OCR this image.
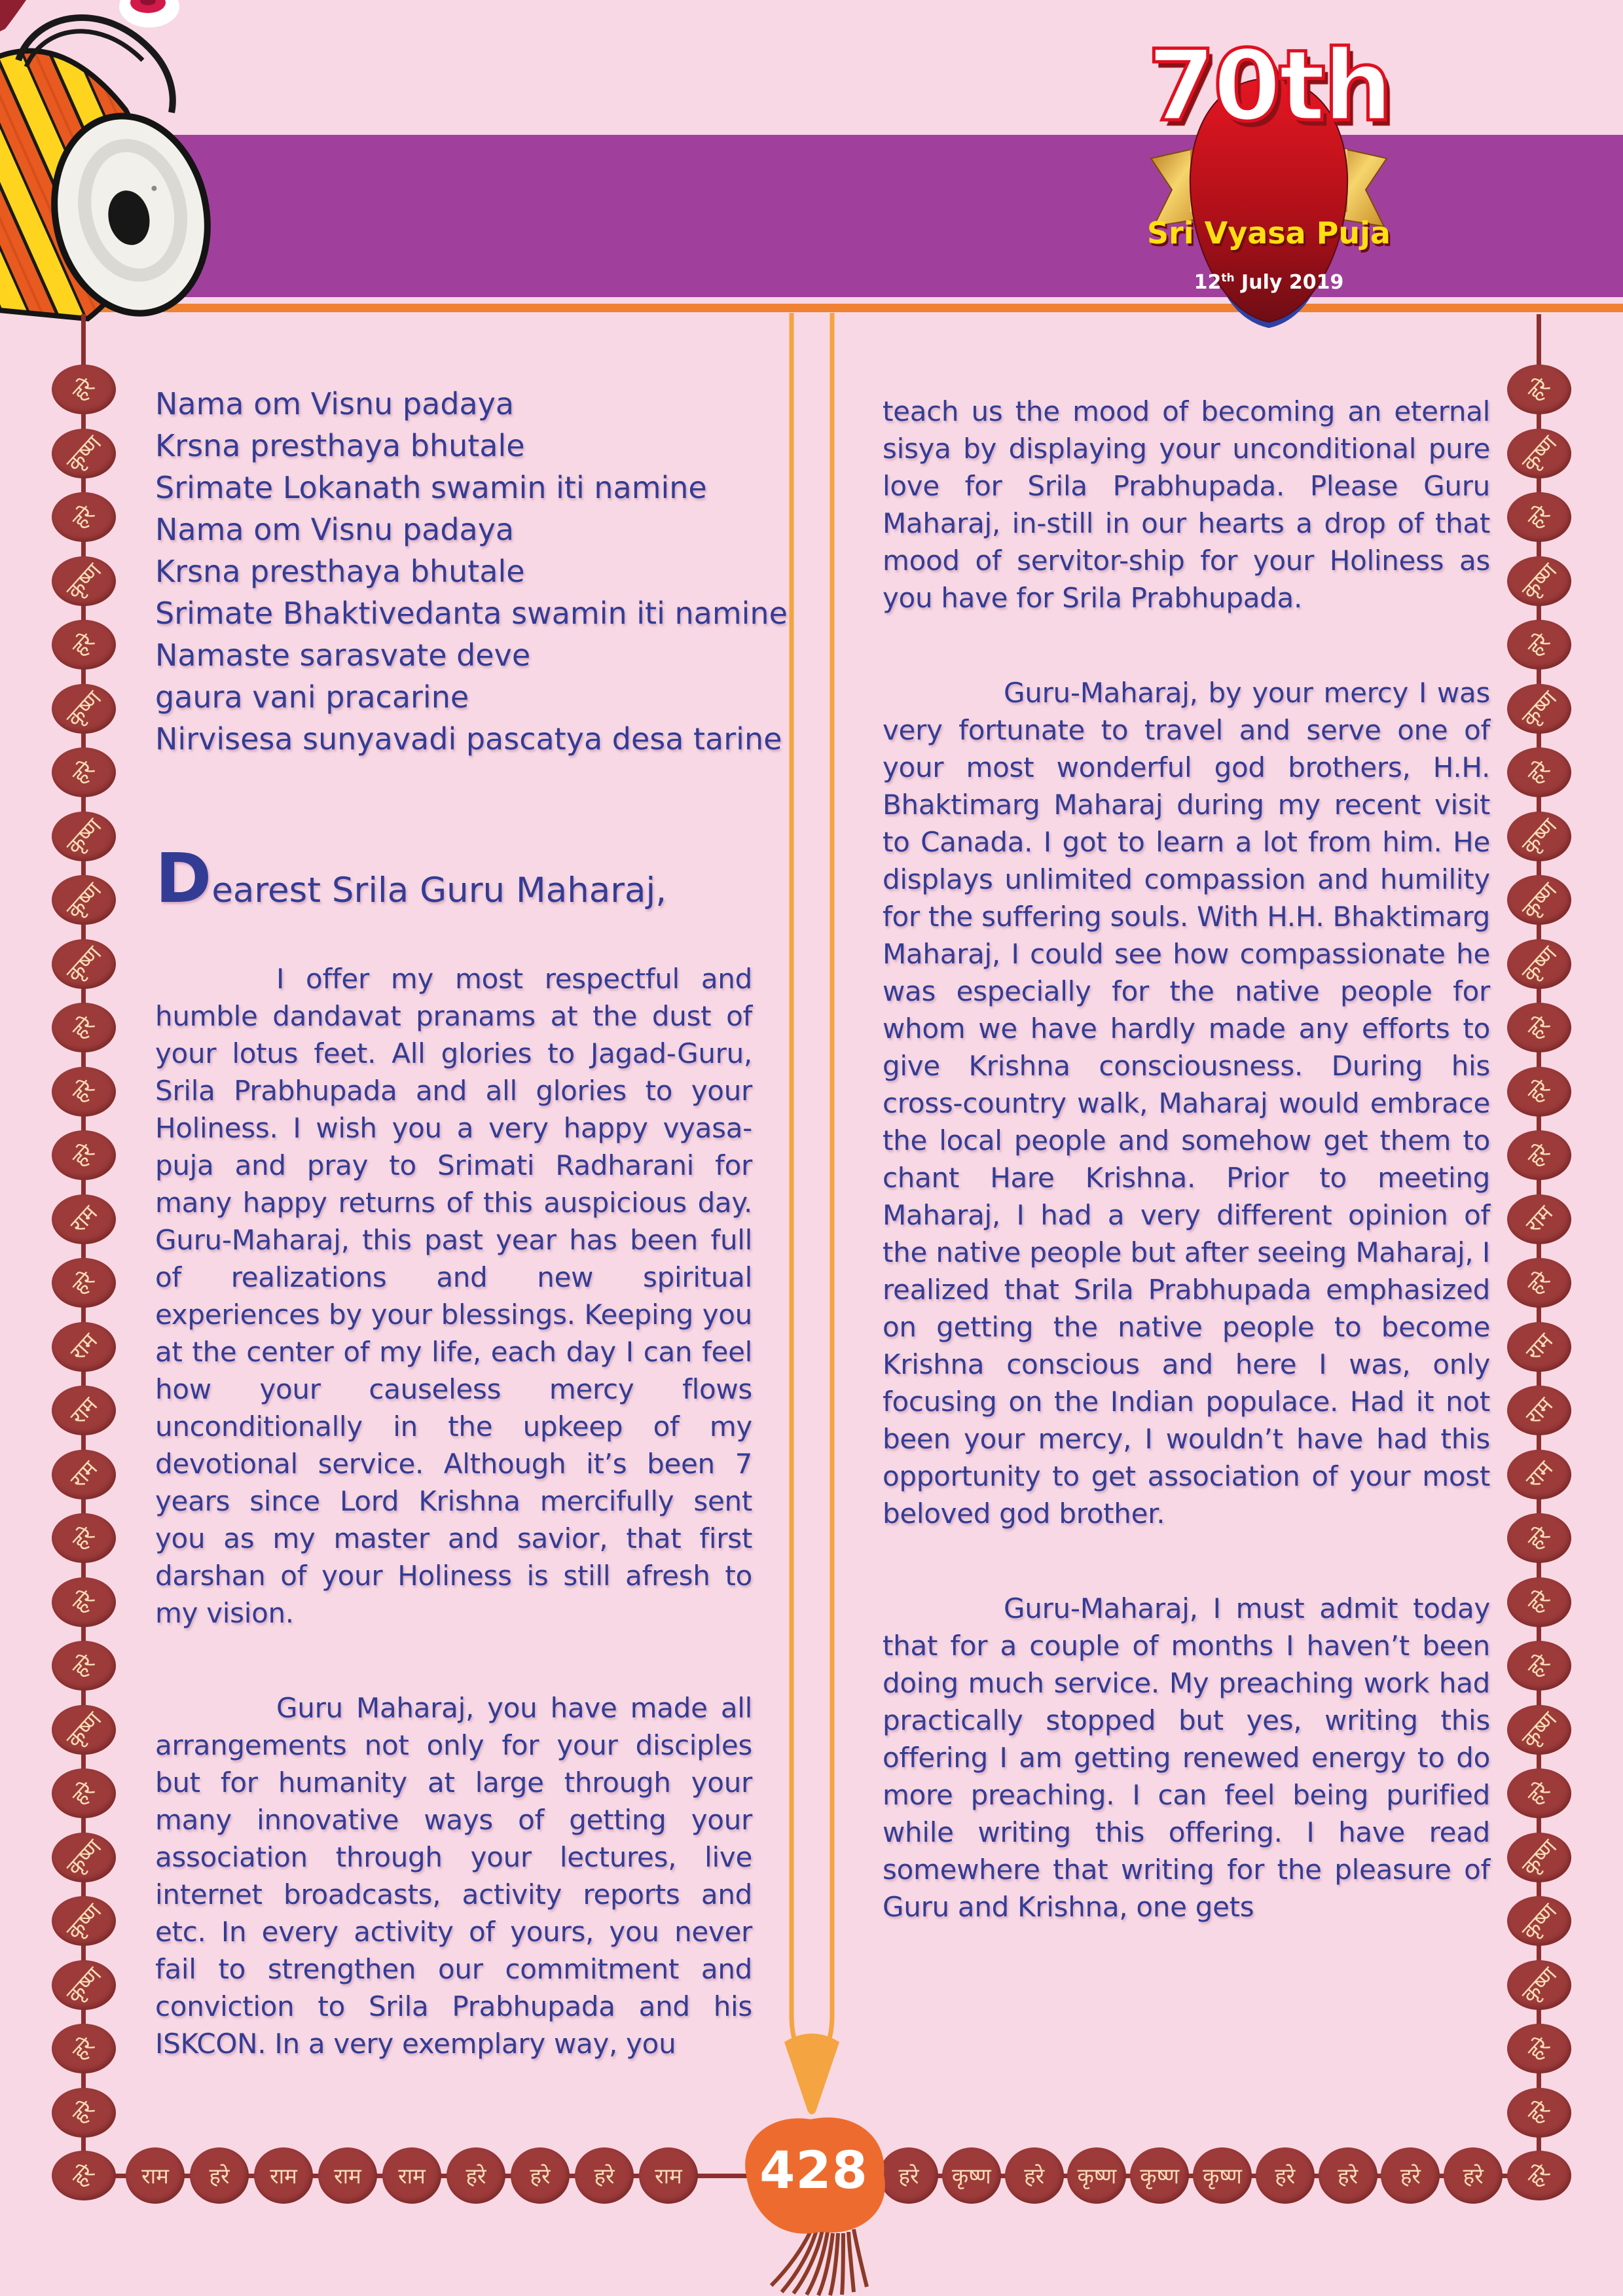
70th
Sri Vyasa Puja
12th July 2019
Nama om Visnu padaya
Krsna presthaya bhutale
Srimate Lokanath swamin iti namine
Nama om Visnu padaya
Krsna presthaya bhutale
Srimate Bhaktivedanta swamin iti namine
Namaste sarasvate deve
gaura vani pracarine
Nirvisesa sunyavadi pascatya desa tarine
Dearest Srila Guru Maharaj,

I offer my most respectful and humble dandavat pranams at the dust of your lotus feet. All glories to Jagad-Guru, Srila Prabhupada and all glories to your Holiness. I wish you a very happy vyasa-puja and pray to Srimati Radharani for many happy returns of this auspicious day. Guru-Maharaj, this past year has been full of realizations and new spiritual experiences by your blessings. Keeping you at the center of my life, each day I can feel how your causeless mercy flows unconditionally in the upkeep of my devotional service. Although it’s been 7 years since Lord Krishna mercifully sent you as my master and savior, that first darshan of your Holiness is still afresh to my vision.

Guru Maharaj, you have made all arrangements not only for your disciples but for humanity at large through your many innovative ways of getting your association through your lectures, live internet broadcasts, activity reports and etc. In every activity of yours, you never fail to strengthen our commitment and conviction to Srila Prabhupada and his ISKCON. In a very exemplary way, you

teach us the mood of becoming an eternal sisya by displaying your unconditional pure love for Srila Prabhupada. Please Guru Maharaj, in-still in our hearts a drop of that mood of servitor-ship for your Holiness as you have for Srila Prabhupada.

Guru-Maharaj, by your mercy I was very fortunate to travel and serve one of your most wonderful god brothers, H.H. Bhaktimarg Maharaj during my recent visit to Canada. I got to learn a lot from him. He displays unlimited compassion and humility for the suffering souls. With H.H. Bhaktimarg Maharaj, I could see how compassionate he was especially for the native people for whom we have hardly made any efforts to give Krishna consciousness. During his cross-country walk, Maharaj would embrace the local people and somehow get them to chant Hare Krishna. Prior to meeting Maharaj, I had a very different opinion of the native people but after seeing Maharaj, I realized that Srila Prabhupada emphasized on getting the native people to become Krishna conscious and here I was, only focusing on the Indian populace. Had it not been your mercy, I wouldn’t have had this opportunity to get association of your most beloved god brother.

Guru-Maharaj, I must admit today that for a couple of months I haven’t been doing much service. My preaching work had practically stopped but yes, writing this offering I am getting renewed energy to do more preaching. I can feel being purified while writing this offering. I have read somewhere that writing for the pleasure of Guru and Krishna, one gets

हरे	हरे
कृष्ण	कृष्ण
हरे	हरे
कृष्ण	कृष्ण
हरे	हरे
कृष्ण	कृष्ण
हरे	हरे
कृष्ण	कृष्ण
कृष्ण	कृष्ण
कृष्ण	कृष्ण
हरे	हरे
हरे	हरे
हरे	हरे
राम	राम
हरे	हरे
राम	राम
राम	राम
राम	राम
हरे	हरे
हरे	हरे
हरे	हरे
कृष्ण	कृष्ण
हरे	हरे
कृष्ण	कृष्ण
कृष्ण	कृष्ण
कृष्ण	कृष्ण
हरे	हरे
हरे	हरे
हरे	हरे
राम हरे राम राम राम हरे हरे हरे राम	हरे कृष्ण हरे कृष्ण कृष्ण कृष्ण हरे हरे हरे हरे
428
